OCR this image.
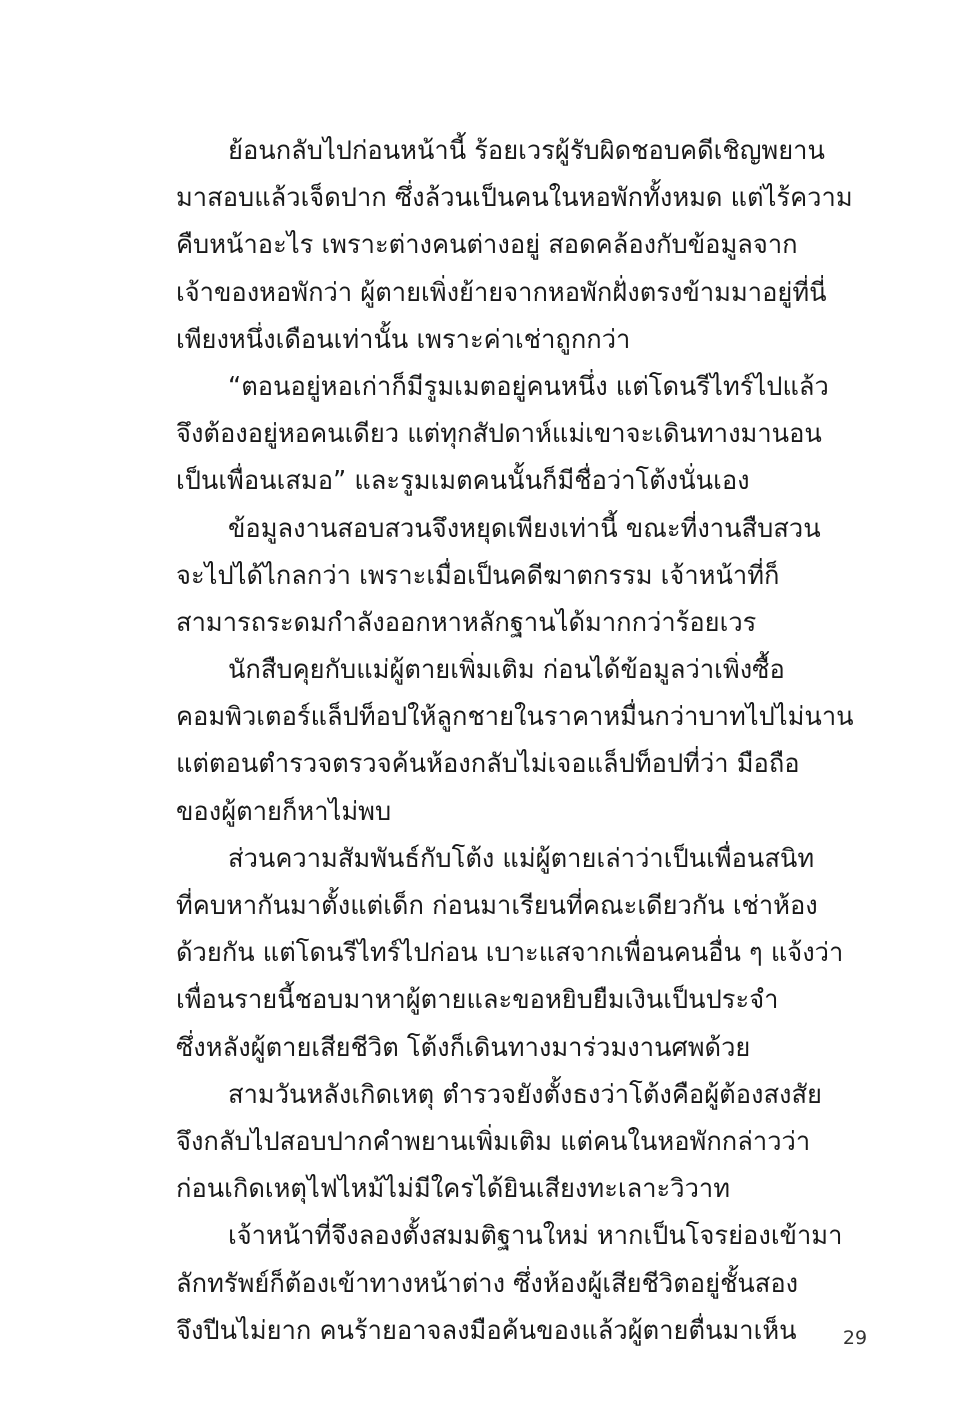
ย้อนกลับไปก่อนหน้านี้ ร้อยเวรผู้รับผิดชอบคดีเชิญพยาน
มาสอบแล้วเจ็ดปาก ซึ่งล้วนเป็นคนในหอพักทั้งหมด แต่ไร้ความ
คืบหน้าอะไร เพราะต่างคนต่างอยู่ สอดคล้องกับข้อมูลจาก
เจ้าของหอพักว่า ผู้ตายเพิ่งย้ายจากหอพักฝั่งตรงข้ามมาอยู่ที่นี่
เพียงหนึ่งเดือนเท่านั้น เพราะค่าเช่าถูกกว่า
“ตอนอยู่หอเก่าก็มีรูมเมตอยู่คนหนึ่ง แต่โดนรีไทร์ไปแล้ว
จึงต้องอยู่หอคนเดียว แต่ทุกสัปดาห์แม่เขาจะเดินทางมานอน
เป็นเพื่อนเสมอ” และรูมเมตคนนั้นก็มีชื่อว่าโต้งนั่นเอง
ข้อมูลงานสอบสวนจึงหยุดเพียงเท่านี้ ขณะที่งานสืบสวน
จะไปได้ไกลกว่า เพราะเมื่อเป็นคดีฆาตกรรม เจ้าหน้าที่ก็
สามารถระดมกำลังออกหาหลักฐานได้มากกว่าร้อยเวร
นักสืบคุยกับแม่ผู้ตายเพิ่มเติม ก่อนได้ข้อมูลว่าเพิ่งซื้อ
คอมพิวเตอร์แล็ปท็อปให้ลูกชายในราคาหมื่นกว่าบาทไปไม่นาน
แต่ตอนตำรวจตรวจค้นห้องกลับไม่เจอแล็ปท็อปที่ว่า มือถือ
ของผู้ตายก็หาไม่พบ
ส่วนความสัมพันธ์กับโต้ง แม่ผู้ตายเล่าว่าเป็นเพื่อนสนิท
ที่คบหากันมาตั้งแต่เด็ก ก่อนมาเรียนที่คณะเดียวกัน เช่าห้อง
ด้วยกัน แต่โดนรีไทร์ไปก่อน เบาะแสจากเพื่อนคนอื่น ๆ แจ้งว่า
เพื่อนรายนี้ชอบมาหาผู้ตายและขอหยิบยืมเงินเป็นประจำ
ซึ่งหลังผู้ตายเสียชีวิต โต้งก็เดินทางมาร่วมงานศพด้วย
สามวันหลังเกิดเหตุ ตำรวจยังตั้งธงว่าโต้งคือผู้ต้องสงสัย
จึงกลับไปสอบปากคำพยานเพิ่มเติม แต่คนในหอพักกล่าวว่า
ก่อนเกิดเหตุไฟไหม้ไม่มีใครได้ยินเสียงทะเลาะวิวาท
เจ้าหน้าที่จึงลองตั้งสมมติฐานใหม่ หากเป็นโจรย่องเข้ามา
ลักทรัพย์ก็ต้องเข้าทางหน้าต่าง ซึ่งห้องผู้เสียชีวิตอยู่ชั้นสอง
จึงปีนไม่ยาก คนร้ายอาจลงมือค้นของแล้วผู้ตายตื่นมาเห็น	29
